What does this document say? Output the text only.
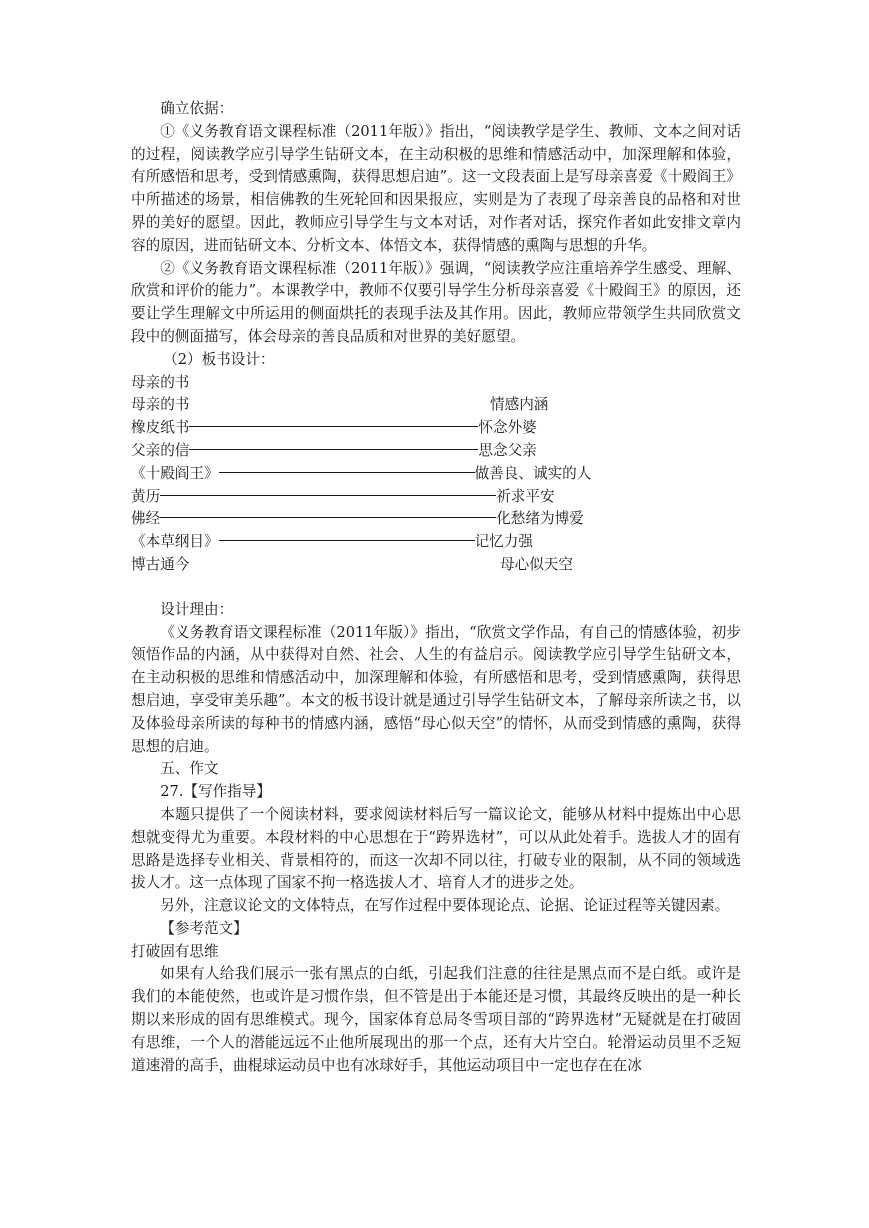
确立依据：

①《义务教育语文课程标准（2011年版）》指出，“阅读教学是学生、教师、文本之间对话的过程，阅读教学应引导学生钻研文本，在主动积极的思维和情感活动中，加深理解和体验，有所感悟和思考，受到情感熏陶，获得思想启迪”。这一文段表面上是写母亲喜爱《十殿阎王》中所描述的场景，相信佛教的生死轮回和因果报应，实则是为了表现了母亲善良的品格和对世界的美好的愿望。因此，教师应引导学生与文本对话，对作者对话，探究作者如此安排文章内容的原因，进而钻研文本、分析文本、体悟文本，获得情感的熏陶与思想的升华。

②《义务教育语文课程标准（2011年版）》强调，“阅读教学应注重培养学生感受、理解、欣赏和评价的能力”。本课教学中，教师不仅要引导学生分析母亲喜爱《十殿阎王》的原因，还要让学生理解文中所运用的侧面烘托的表现手法及其作用。因此，教师应带领学生共同欣赏文段中的侧面描写，体会母亲的善良品质和对世界的美好愿望。

（2）板书设计：

母亲的书
母亲的书	情感内涵
橡皮纸书	怀念外婆
父亲的信	思念父亲
《十殿阎王》	做善良、诚实的人
黄历	祈求平安
佛经	化愁绪为博爱
《本草纲目》	记忆力强
博古通今	母心似天空

设计理由：

《义务教育语文课程标准（2011年版）》指出，“欣赏文学作品，有自己的情感体验，初步领悟作品的内涵，从中获得对自然、社会、人生的有益启示。阅读教学应引导学生钻研文本，在主动积极的思维和情感活动中，加深理解和体验，有所感悟和思考，受到情感熏陶，获得思想启迪，享受审美乐趣”。本文的板书设计就是通过引导学生钻研文本，了解母亲所读之书，以及体验母亲所读的每种书的情感内涵，感悟“母心似天空”的情怀，从而受到情感的熏陶，获得思想的启迪。

五、作文

27.【写作指导】

本题只提供了一个阅读材料，要求阅读材料后写一篇议论文，能够从材料中提炼出中心思想就变得尤为重要。本段材料的中心思想在于“跨界选材”，可以从此处着手。选拔人才的固有思路是选择专业相关、背景相符的，而这一次却不同以往，打破专业的限制，从不同的领域选拔人才。这一点体现了国家不拘一格选拔人才、培育人才的进步之处。

另外，注意议论文的文体特点，在写作过程中要体现论点、论据、论证过程等关键因素。

【参考范文】

打破固有思维

如果有人给我们展示一张有黑点的白纸，引起我们注意的往往是黑点而不是白纸。或许是我们的本能使然，也或许是习惯作祟，但不管是出于本能还是习惯，其最终反映出的是一种长期以来形成的固有思维模式。现今，国家体育总局冬雪项目部的“跨界选材”无疑就是在打破固有思维，一个人的潜能远远不止他所展现出的那一个点，还有大片空白。轮滑运动员里不乏短道速滑的高手，曲棍球运动员中也有冰球好手，其他运动项目中一定也存在在冰
